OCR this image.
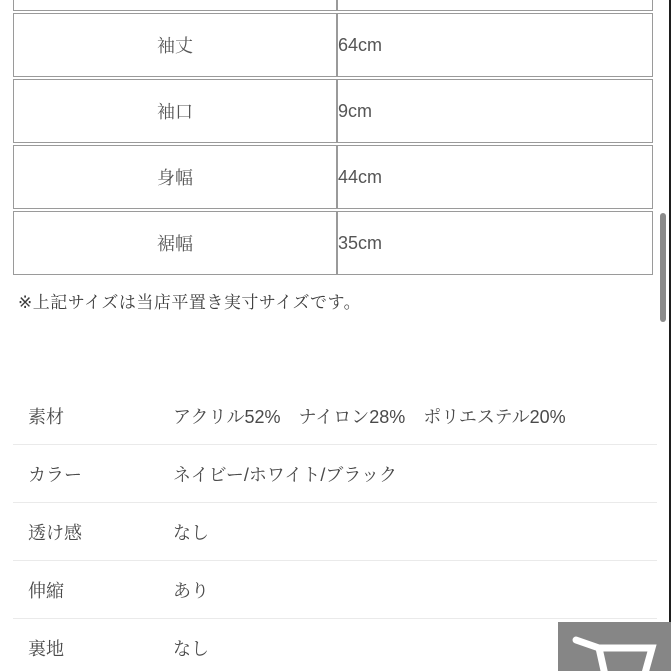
袖丈	64cm
袖口	9cm
身幅	44cm
裾幅	35cm
※上記サイズは当店平置き実寸サイズです。
素材	アクリル52%　ナイロン28%　ポリエステル20%
カラー	ネイビー/ホワイト/ブラック
透け感	なし
伸縮	あり
裏地	なし
